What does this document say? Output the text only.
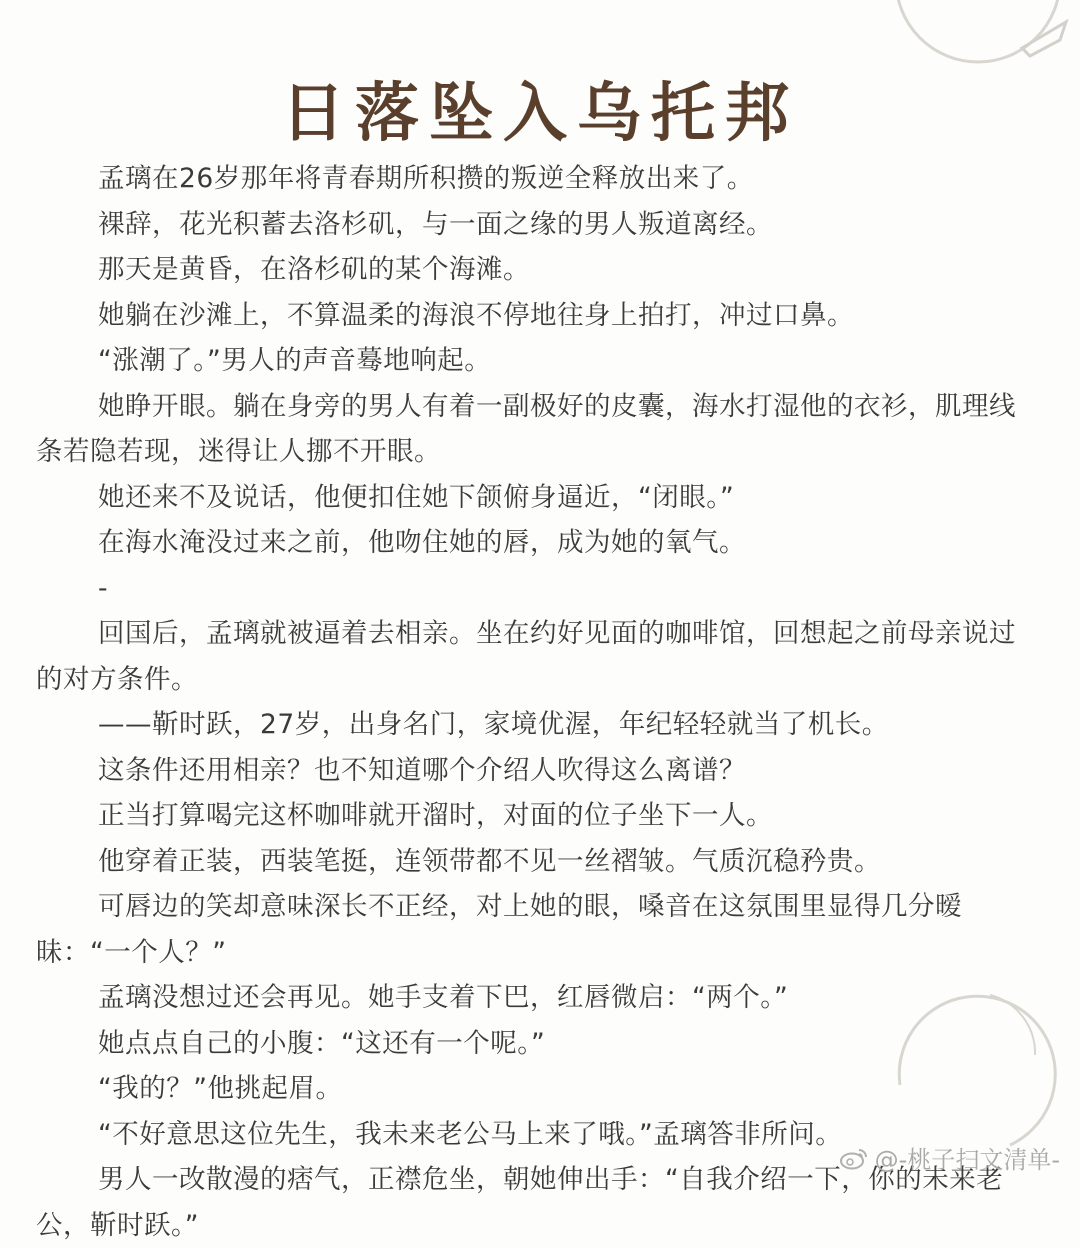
日落坠入乌托邦

孟璃在26岁那年将青春期所积攒的叛逆全释放出来了。

裸辞，花光积蓄去洛杉矶，与一面之缘的男人叛道离经。

那天是黄昏，在洛杉矶的某个海滩。

她躺在沙滩上，不算温柔的海浪不停地往身上拍打，冲过口鼻。

“涨潮了。”男人的声音蓦地响起。

她睁开眼。躺在身旁的男人有着一副极好的皮囊，海水打湿他的衣衫，肌理线条若隐若现，迷得让人挪不开眼。

她还来不及说话，他便扣住她下颌俯身逼近，“闭眼。”

在海水淹没过来之前，他吻住她的唇，成为她的氧气。

-

回国后，孟璃就被逼着去相亲。坐在约好见面的咖啡馆，回想起之前母亲说过的对方条件。

——靳时跃，27岁，出身名门，家境优渥，年纪轻轻就当了机长。

这条件还用相亲？也不知道哪个介绍人吹得这么离谱？

正当打算喝完这杯咖啡就开溜时，对面的位子坐下一人。

他穿着正装，西装笔挺，连领带都不见一丝褶皱。气质沉稳矜贵。

可唇边的笑却意味深长不正经，对上她的眼，嗓音在这氛围里显得几分暧昧：“一个人？”

孟璃没想过还会再见。她手支着下巴，红唇微启：“两个。”

她点点自己的小腹：“这还有一个呢。”

“我的？”他挑起眉。

“不好意思这位先生，我未来老公马上来了哦。”孟璃答非所问。

男人一改散漫的痞气，正襟危坐，朝她伸出手：“自我介绍一下，你的未来老公，靳时跃。”

@-桃子扫文清单-
